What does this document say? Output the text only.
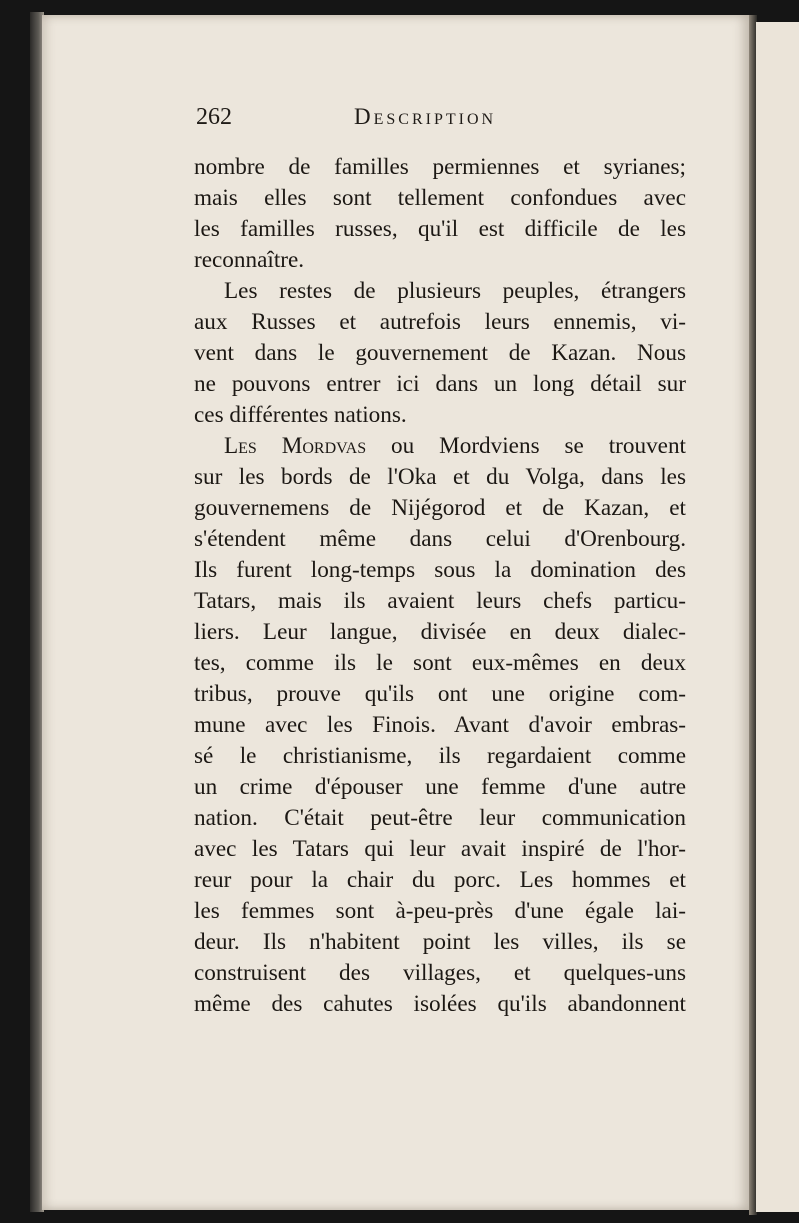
262	Description
nombre de familles permiennes et syrianes;
mais elles sont tellement confondues avec
les familles russes, qu'il est difficile de les
reconnaître.
Les restes de plusieurs peuples, étrangers
aux Russes et autrefois leurs ennemis, vi-
vent dans le gouvernement de Kazan. Nous
ne pouvons entrer ici dans un long détail sur
ces différentes nations.
Les Mordvas ou Mordviens se trouvent
sur les bords de l'Oka et du Volga, dans les
gouvernemens de Nijégorod et de Kazan, et
s'étendent même dans celui d'Orenbourg.
Ils furent long-temps sous la domination des
Tatars, mais ils avaient leurs chefs particu-
liers. Leur langue, divisée en deux dialec-
tes, comme ils le sont eux-mêmes en deux
tribus, prouve qu'ils ont une origine com-
mune avec les Finois. Avant d'avoir embras-
sé le christianisme, ils regardaient comme
un crime d'épouser une femme d'une autre
nation. C'était peut-être leur communication
avec les Tatars qui leur avait inspiré de l'hor-
reur pour la chair du porc. Les hommes et
les femmes sont à-peu-près d'une égale lai-
deur. Ils n'habitent point les villes, ils se
construisent des villages, et quelques-uns
même des cahutes isolées qu'ils abandonnent
